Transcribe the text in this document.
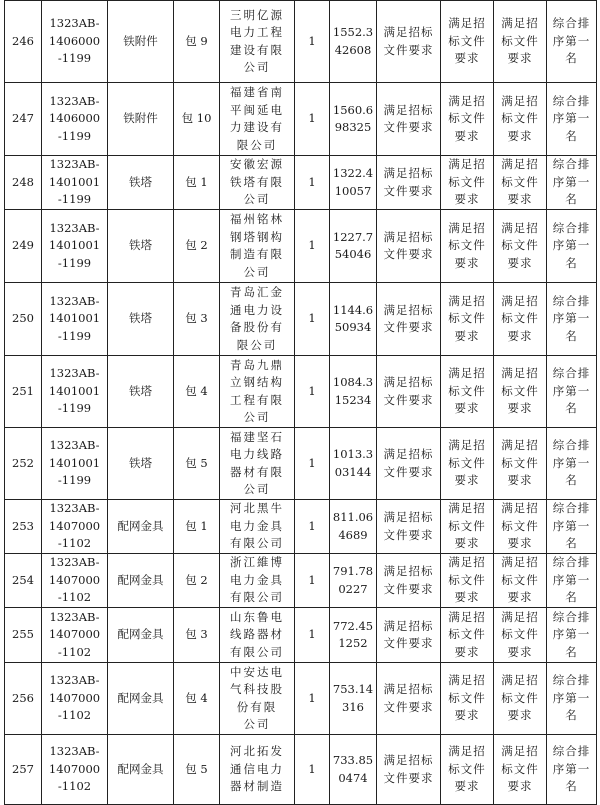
246	1323AB-
1406000
-1199	铁附件	包 9	三明亿源
电力工程
建设有限
公司	1	1552.3
42608	满足招标
文件要求	满足招
标文件
要求	满足招
标文件
要求	综合排
序第一
名

247	1323AB-
1406000
-1199	铁附件	包 10	福建省南
平闽延电
力建设有
限公司	1	1560.6
98325	满足招标
文件要求	满足招
标文件
要求	满足招
标文件
要求	综合排
序第一
名

248	1323AB-
1401001
-1199	铁塔	包 1	安徽宏源
铁塔有限
公司	1	1322.4
10057	满足招标
文件要求	满足招
标文件
要求	满足招
标文件
要求	综合排
序第一
名

249	1323AB-
1401001
-1199	铁塔	包 2	福州铭林
钢塔钢构
制造有限
公司	1	1227.7
54046	满足招标
文件要求	满足招
标文件
要求	满足招
标文件
要求	综合排
序第一
名

250	1323AB-
1401001
-1199	铁塔	包 3	青岛汇金
通电力设
备股份有
限公司	1	1144.6
50934	满足招标
文件要求	满足招
标文件
要求	满足招
标文件
要求	综合排
序第一
名

251	1323AB-
1401001
-1199	铁塔	包 4	青岛九鼎
立钢结构
工程有限
公司	1	1084.3
15234	满足招标
文件要求	满足招
标文件
要求	满足招
标文件
要求	综合排
序第一
名

252	1323AB-
1401001
-1199	铁塔	包 5	福建坚石
电力线路
器材有限
公司	1	1013.3
03144	满足招标
文件要求	满足招
标文件
要求	满足招
标文件
要求	综合排
序第一
名

253	1323AB-
1407000
-1102	配网金具	包 1	河北黑牛
电力金具
有限公司	1	811.06
4689	满足招标
文件要求	满足招
标文件
要求	满足招
标文件
要求	综合排
序第一
名

254	1323AB-
1407000
-1102	配网金具	包 2	浙江維博
电力金具
有限公司	1	791.78
0227	满足招标
文件要求	满足招
标文件
要求	满足招
标文件
要求	综合排
序第一
名

255	1323AB-
1407000
-1102	配网金具	包 3	山东鲁电
线路器材
有限公司	1	772.45
1252	满足招标
文件要求	满足招
标文件
要求	满足招
标文件
要求	综合排
序第一
名

256	1323AB-
1407000
-1102	配网金具	包 4	中安达电
气科技股
份有限
公司	1	753.14
316	满足招标
文件要求	满足招
标文件
要求	满足招
标文件
要求	综合排
序第一
名

257	1323AB-
1407000
-1102	配网金具	包 5	河北拓发
通信电力
器材制造	1	733.85
0474	满足招标
文件要求	满足招
标文件
要求	满足招
标文件
要求	综合排
序第一
名
